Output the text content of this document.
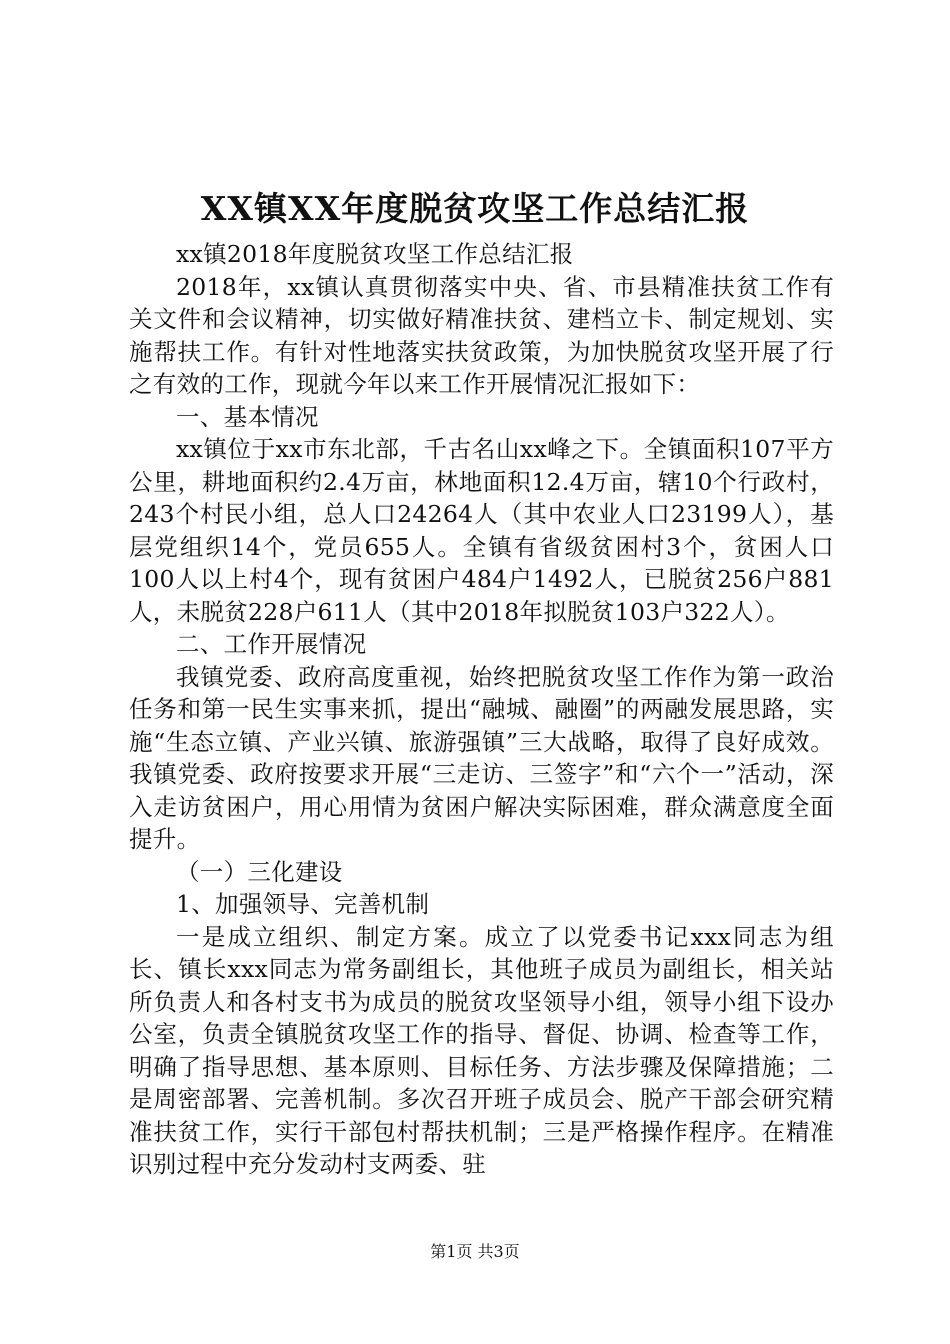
XX镇XX年度脱贫攻坚工作总结汇报

xx镇2018年度脱贫攻坚工作总结汇报

2018年，xx镇认真贯彻落实中央、省、市县精准扶贫工作有关文件和会议精神，切实做好精准扶贫、建档立卡、制定规划、实施帮扶工作。有针对性地落实扶贫政策，为加快脱贫攻坚开展了行之有效的工作，现就今年以来工作开展情况汇报如下：

一、基本情况

xx镇位于xx市东北部，千古名山xx峰之下。全镇面积107平方公里，耕地面积约2.4万亩，林地面积12.4万亩，辖10个行政村，243个村民小组，总人口24264人（其中农业人口23199人），基层党组织14个，党员655人。全镇有省级贫困村3个，贫困人口100人以上村4个，现有贫困户484户1492人，已脱贫256户881人，未脱贫228户611人（其中2018年拟脱贫103户322人）。

二、工作开展情况

我镇党委、政府高度重视，始终把脱贫攻坚工作作为第一政治任务和第一民生实事来抓，提出“融城、融圈”的两融发展思路，实施“生态立镇、产业兴镇、旅游强镇”三大战略，取得了良好成效。我镇党委、政府按要求开展“三走访、三签字”和“六个一”活动，深入走访贫困户，用心用情为贫困户解决实际困难，群众满意度全面提升。

（一）三化建设

1、加强领导、完善机制

一是成立组织、制定方案。成立了以党委书记xxx同志为组长、镇长xxx同志为常务副组长，其他班子成员为副组长，相关站所负责人和各村支书为成员的脱贫攻坚领导小组，领导小组下设办公室，负责全镇脱贫攻坚工作的指导、督促、协调、检查等工作，明确了指导思想、基本原则、目标任务、方法步骤及保障措施；二是周密部署、完善机制。多次召开班子成员会、脱产干部会研究精准扶贫工作，实行干部包村帮扶机制；三是严格操作程序。在精准识别过程中充分发动村支两委、驻

第1页 共3页
